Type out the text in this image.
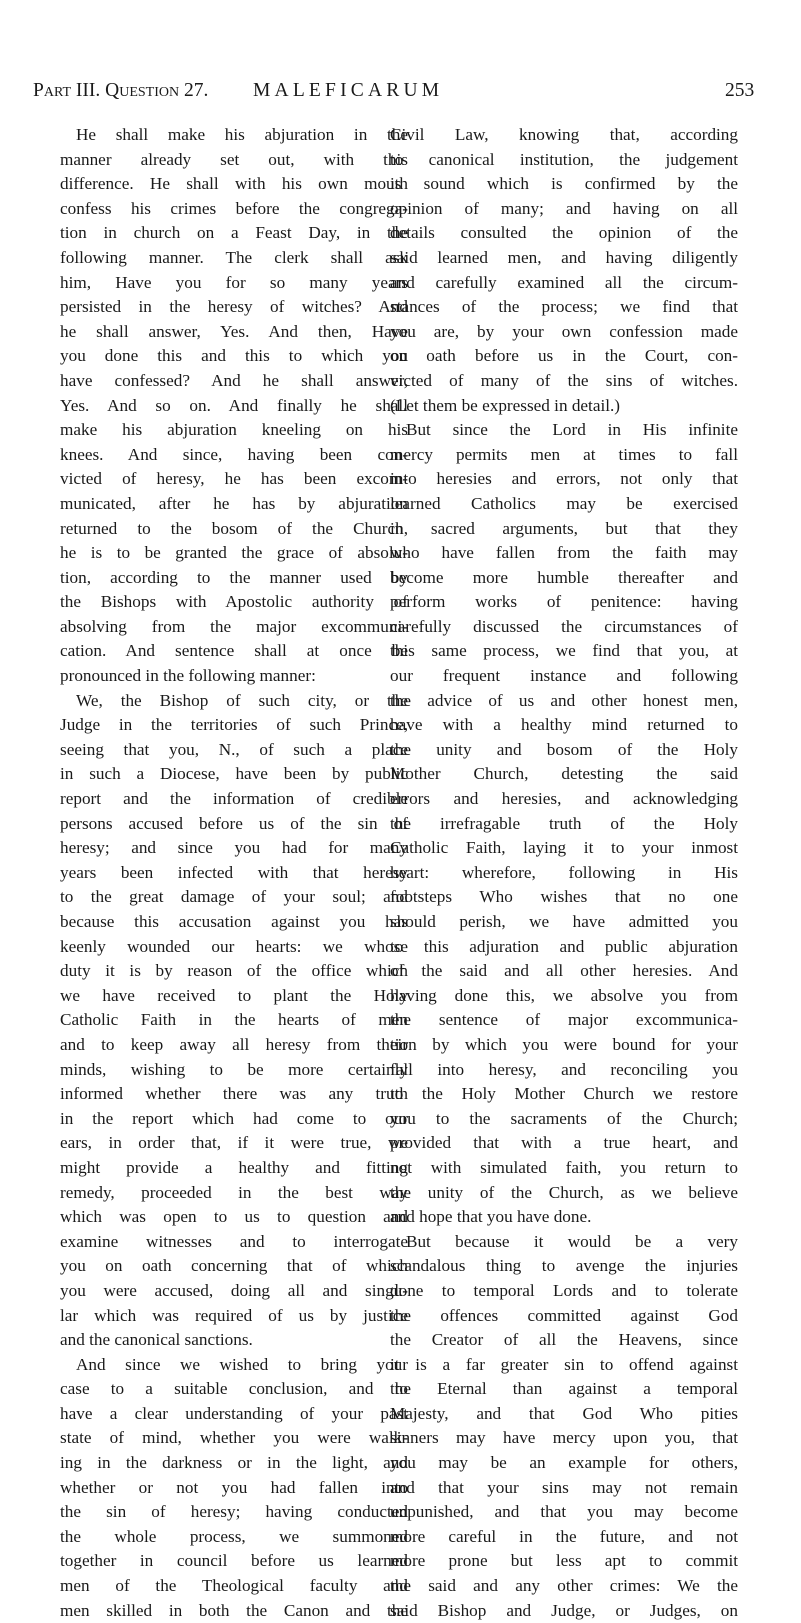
Part III. Question 27. MALEFICARUM	253
He shall make his abjuration in the
manner already set out, with this
difference. He shall with his own mouth
confess his crimes before the congrega-
tion in church on a Feast Day, in the
following manner. The clerk shall ask
him, Have you for so many years
persisted in the heresy of witches? And
he shall answer, Yes. And then, Have
you done this and this to which you
have confessed? And he shall answer,
Yes. And so on. And finally he shall
make his abjuration kneeling on his
knees. And since, having been con-
victed of heresy, he has been excom-
municated, after he has by abjuration
returned to the bosom of the Church,
he is to be granted the grace of absolu-
tion, according to the manner used by
the Bishops with Apostolic authority of
absolving from the major excommuni-
cation. And sentence shall at once be
pronounced in the following manner:
We, the Bishop of such city, or the
Judge in the territories of such Prince,
seeing that you, N., of such a place
in such a Diocese, have been by public
report and the information of credible
persons accused before us of the sin of
heresy; and since you had for many
years been infected with that heresy
to the great damage of your soul; and
because this accusation against you has
keenly wounded our hearts: we whose
duty it is by reason of the office which
we have received to plant the Holy
Catholic Faith in the hearts of men
and to keep away all heresy from their
minds, wishing to be more certainly
informed whether there was any truth
in the report which had come to our
ears, in order that, if it were true, we
might provide a healthy and fitting
remedy, proceeded in the best way
which was open to us to question and
examine witnesses and to interrogate
you on oath concerning that of which
you were accused, doing all and singu-
lar which was required of us by justice
and the canonical sanctions.
And since we wished to bring your
case to a suitable conclusion, and to
have a clear understanding of your past
state of mind, whether you were walk-
ing in the darkness or in the light, and
whether or not you had fallen into
the sin of heresy; having conducted
the whole process, we summoned
together in council before us learned
men of the Theological faculty and
men skilled in both the Canon and the
Civil Law, knowing that, according
to canonical institution, the judgement
is sound which is confirmed by the
opinion of many; and having on all
details consulted the opinion of the
said learned men, and having diligently
and carefully examined all the circum-
stances of the process; we find that
you are, by your own confession made
on oath before us in the Court, con-
victed of many of the sins of witches.
(Let them be expressed in detail.)
But since the Lord in His infinite
mercy permits men at times to fall
into heresies and errors, not only that
learned Catholics may be exercised
in sacred arguments, but that they
who have fallen from the faith may
become more humble thereafter and
perform works of penitence: having
carefully discussed the circumstances of
this same process, we find that you, at
our frequent instance and following
the advice of us and other honest men,
have with a healthy mind returned to
the unity and bosom of the Holy
Mother Church, detesting the said
errors and heresies, and acknowledging
the irrefragable truth of the Holy
Catholic Faith, laying it to your inmost
heart: wherefore, following in His
footsteps Who wishes that no one
should perish, we have admitted you
to this adjuration and public abjuration
of the said and all other heresies. And
having done this, we absolve you from
the sentence of major excommunica-
tion by which you were bound for your
fall into heresy, and reconciling you
to the Holy Mother Church we restore
you to the sacraments of the Church;
provided that with a true heart, and
not with simulated faith, you return to
the unity of the Church, as we believe
and hope that you have done.
But because it would be a very
scandalous thing to avenge the injuries
done to temporal Lords and to tolerate
the offences committed against God
the Creator of all the Heavens, since
it is a far greater sin to offend against
the Eternal than against a temporal
Majesty, and that God Who pities
sinners may have mercy upon you, that
you may be an example for others,
and that your sins may not remain
unpunished, and that you may become
more careful in the future, and not
more prone but less apt to commit
the said and any other crimes: We the
said Bishop and Judge, or Judges, on
